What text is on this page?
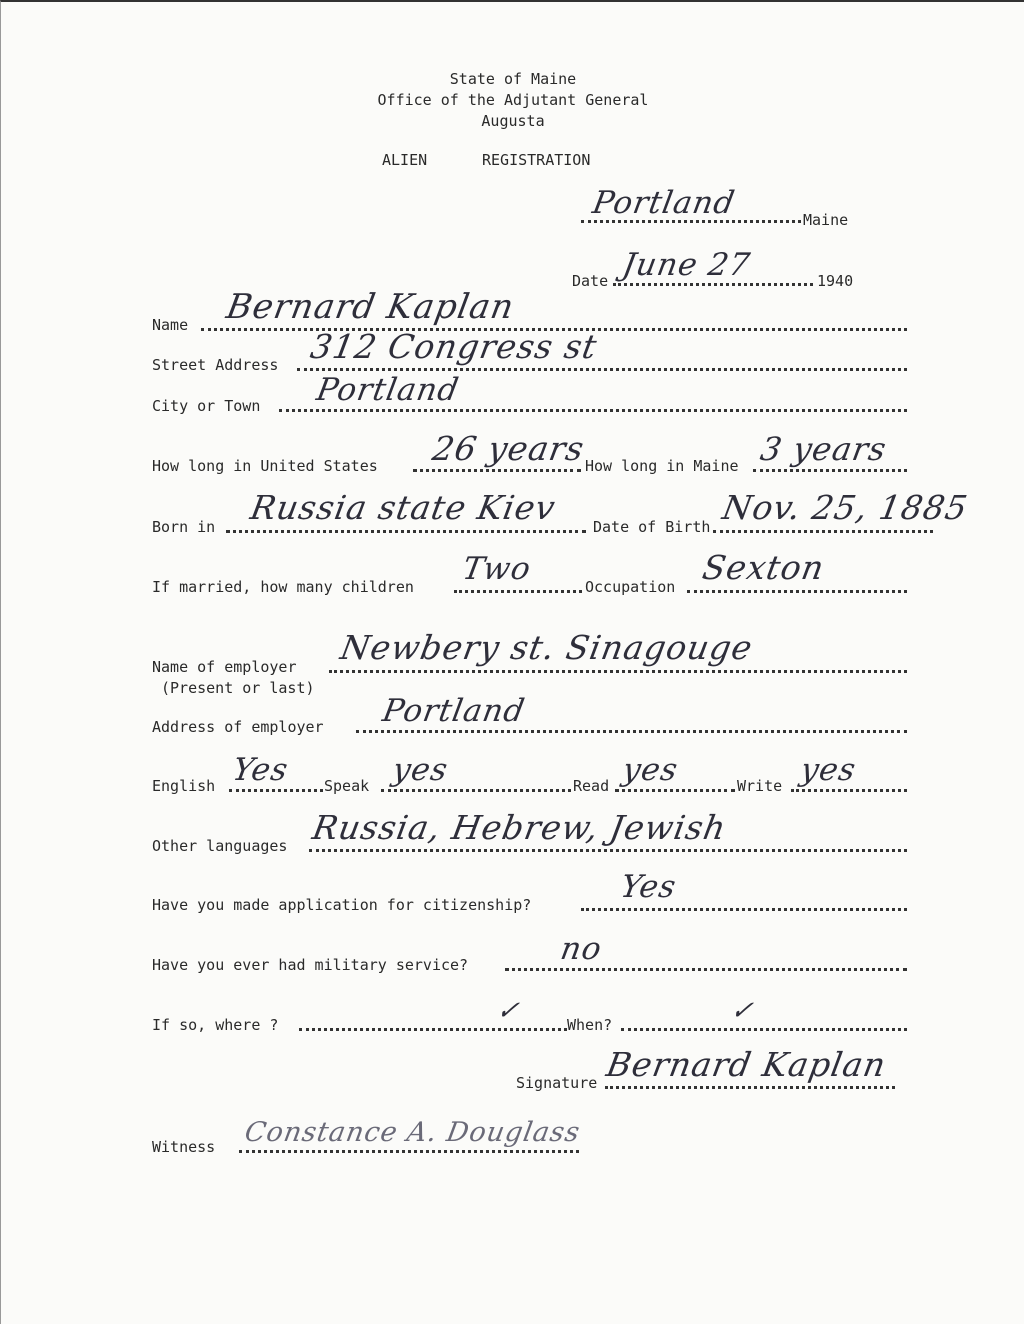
State of Maine
Office of the Adjutant General
Augusta
ALIEN	REGISTRATION
Portland	Maine
Date June 27	1940
Name Bernard Kaplan
Street Address 312 Congress st
City or Town Portland
How long in United States 26 years
How long in Maine 3 years
Born in Russia state Kiev Date of Birth Nov. 25, 1885
If married, how many children Two	Occupation Sexton
Name of employer Newbery st. Sinagouge
(Present or last)
Address of employer Portland
English Yes Speak yes	Read yes	Write yes
Other languages Russia, Hebrew, Jewish
Have you made application for citizenship?	Yes
Have you ever had military service?	no
If so, where ?	✓	When?	✓
Signature Bernard Kaplan
Witness Constance A. Douglass
